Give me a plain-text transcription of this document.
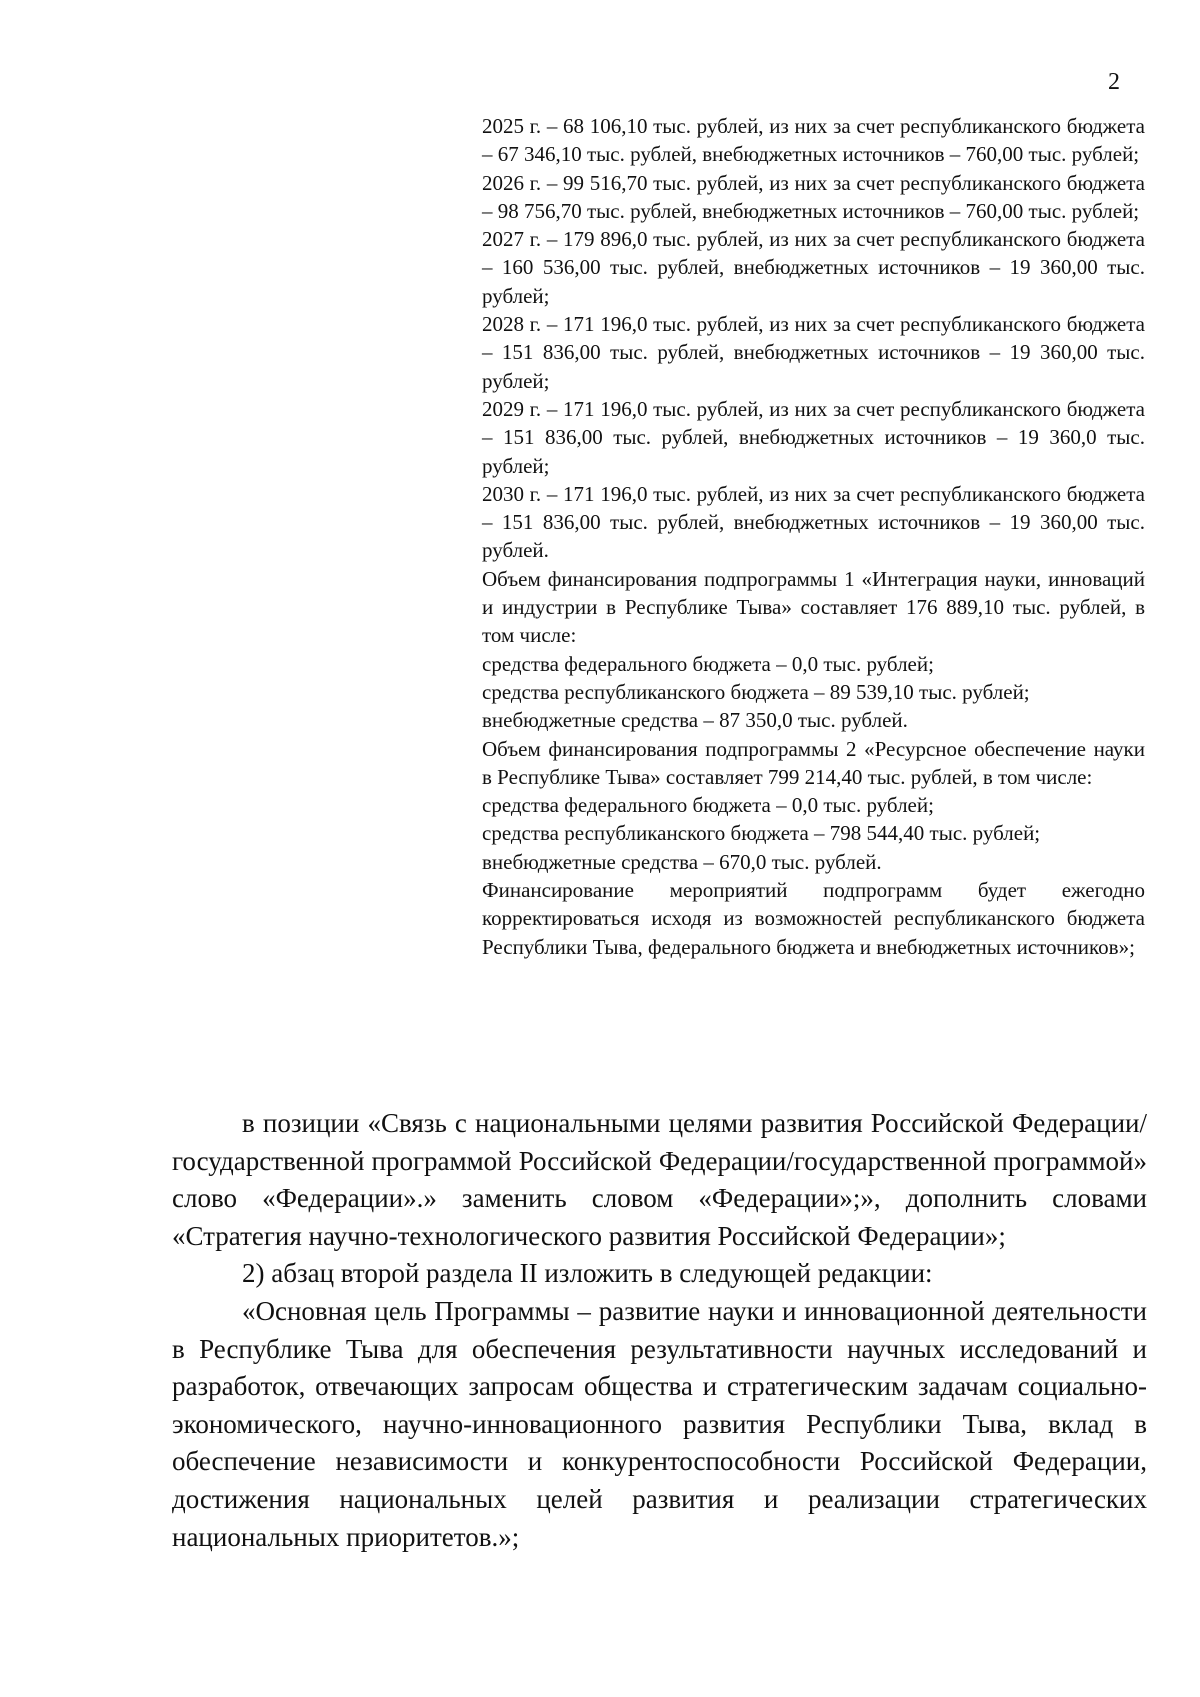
2

2025 г. – 68 106,10 тыс. рублей, из них за счет республиканского бюджета – 67 346,10 тыс. рублей, внебюджетных источников – 760,00 тыс. рублей;

2026 г. – 99 516,70 тыс. рублей, из них за счет республиканского бюджета – 98 756,70 тыс. рублей, внебюджетных источников – 760,00 тыс. рублей;

2027 г. – 179 896,0 тыс. рублей, из них за счет республиканского бюджета – 160 536,00 тыс. рублей, внебюджетных источников – 19 360,00 тыс. рублей;

2028 г. – 171 196,0 тыс. рублей, из них за счет республиканского бюджета – 151 836,00 тыс. рублей, внебюджетных источников – 19 360,00 тыс. рублей;

2029 г. – 171 196,0 тыс. рублей, из них за счет республиканского бюджета – 151 836,00 тыс. рублей, внебюджетных источников – 19 360,0 тыс. рублей;

2030 г. – 171 196,0 тыс. рублей, из них за счет республиканского бюджета – 151 836,00 тыс. рублей, внебюджетных источников – 19 360,00 тыс. рублей.

Объем финансирования подпрограммы 1 «Интеграция науки, инноваций и индустрии в Республике Тыва» составляет 176 889,10 тыс. рублей, в том числе:

средства федерального бюджета – 0,0 тыс. рублей;

средства республиканского бюджета – 89 539,10 тыс. рублей;

внебюджетные средства – 87 350,0 тыс. рублей.

Объем финансирования подпрограммы 2 «Ресурсное обеспечение науки в Республике Тыва» составляет 799 214,40 тыс. рублей, в том числе:

средства федерального бюджета – 0,0 тыс. рублей;

средства республиканского бюджета – 798 544,40 тыс. рублей;

внебюджетные средства – 670,0 тыс. рублей.

Финансирование мероприятий подпрограмм будет ежегодно корректироваться исходя из возможностей республиканского бюджета Республики Тыва, федерального бюджета и внебюджетных источников»;

в позиции «Связь с национальными целями развития Российской Федерации/государственной программой Российской Федерации/государственной программой» слово «Федерации».» заменить словом «Федерации»;», дополнить словами «Стратегия научно-технологического развития Российской Федерации»;

2) абзац второй раздела II изложить в следующей редакции:

«Основная цель Программы – развитие науки и инновационной деятельности в Республике Тыва для обеспечения результативности научных исследований и разработок, отвечающих запросам общества и стратегическим задачам социально-экономического, научно-инновационного развития Республики Тыва, вклад в обеспечение независимости и конкурентоспособности Российской Федерации, достижения национальных целей развития и реализации стратегических национальных приоритетов.»;
